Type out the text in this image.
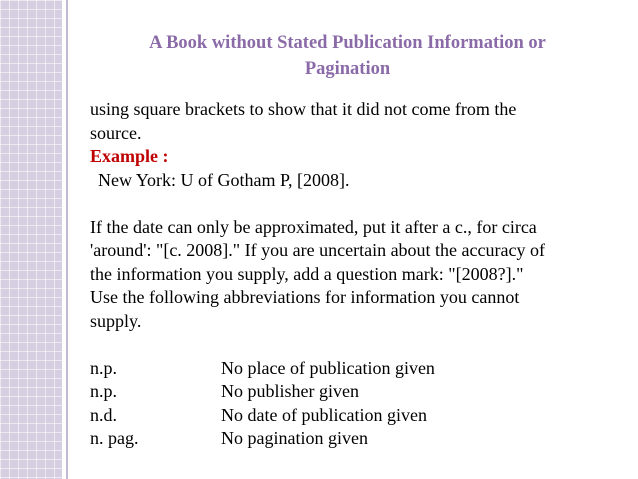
A Book without Stated Publication Information or
Pagination
using square brackets to show that it did not come from the
source.
Example :
New York: U of Gotham P, [2008].
If the date can only be approximated, put it after a c., for circa
'around': "[c. 2008]." If you are uncertain about the accuracy of
the information you supply, add a question mark: "[2008?]."
Use the following abbreviations for information you cannot
supply.
n.p.	No place of publication given
n.p.	No publisher given
n.d.	No date of publication given
n. pag.	No pagination given
